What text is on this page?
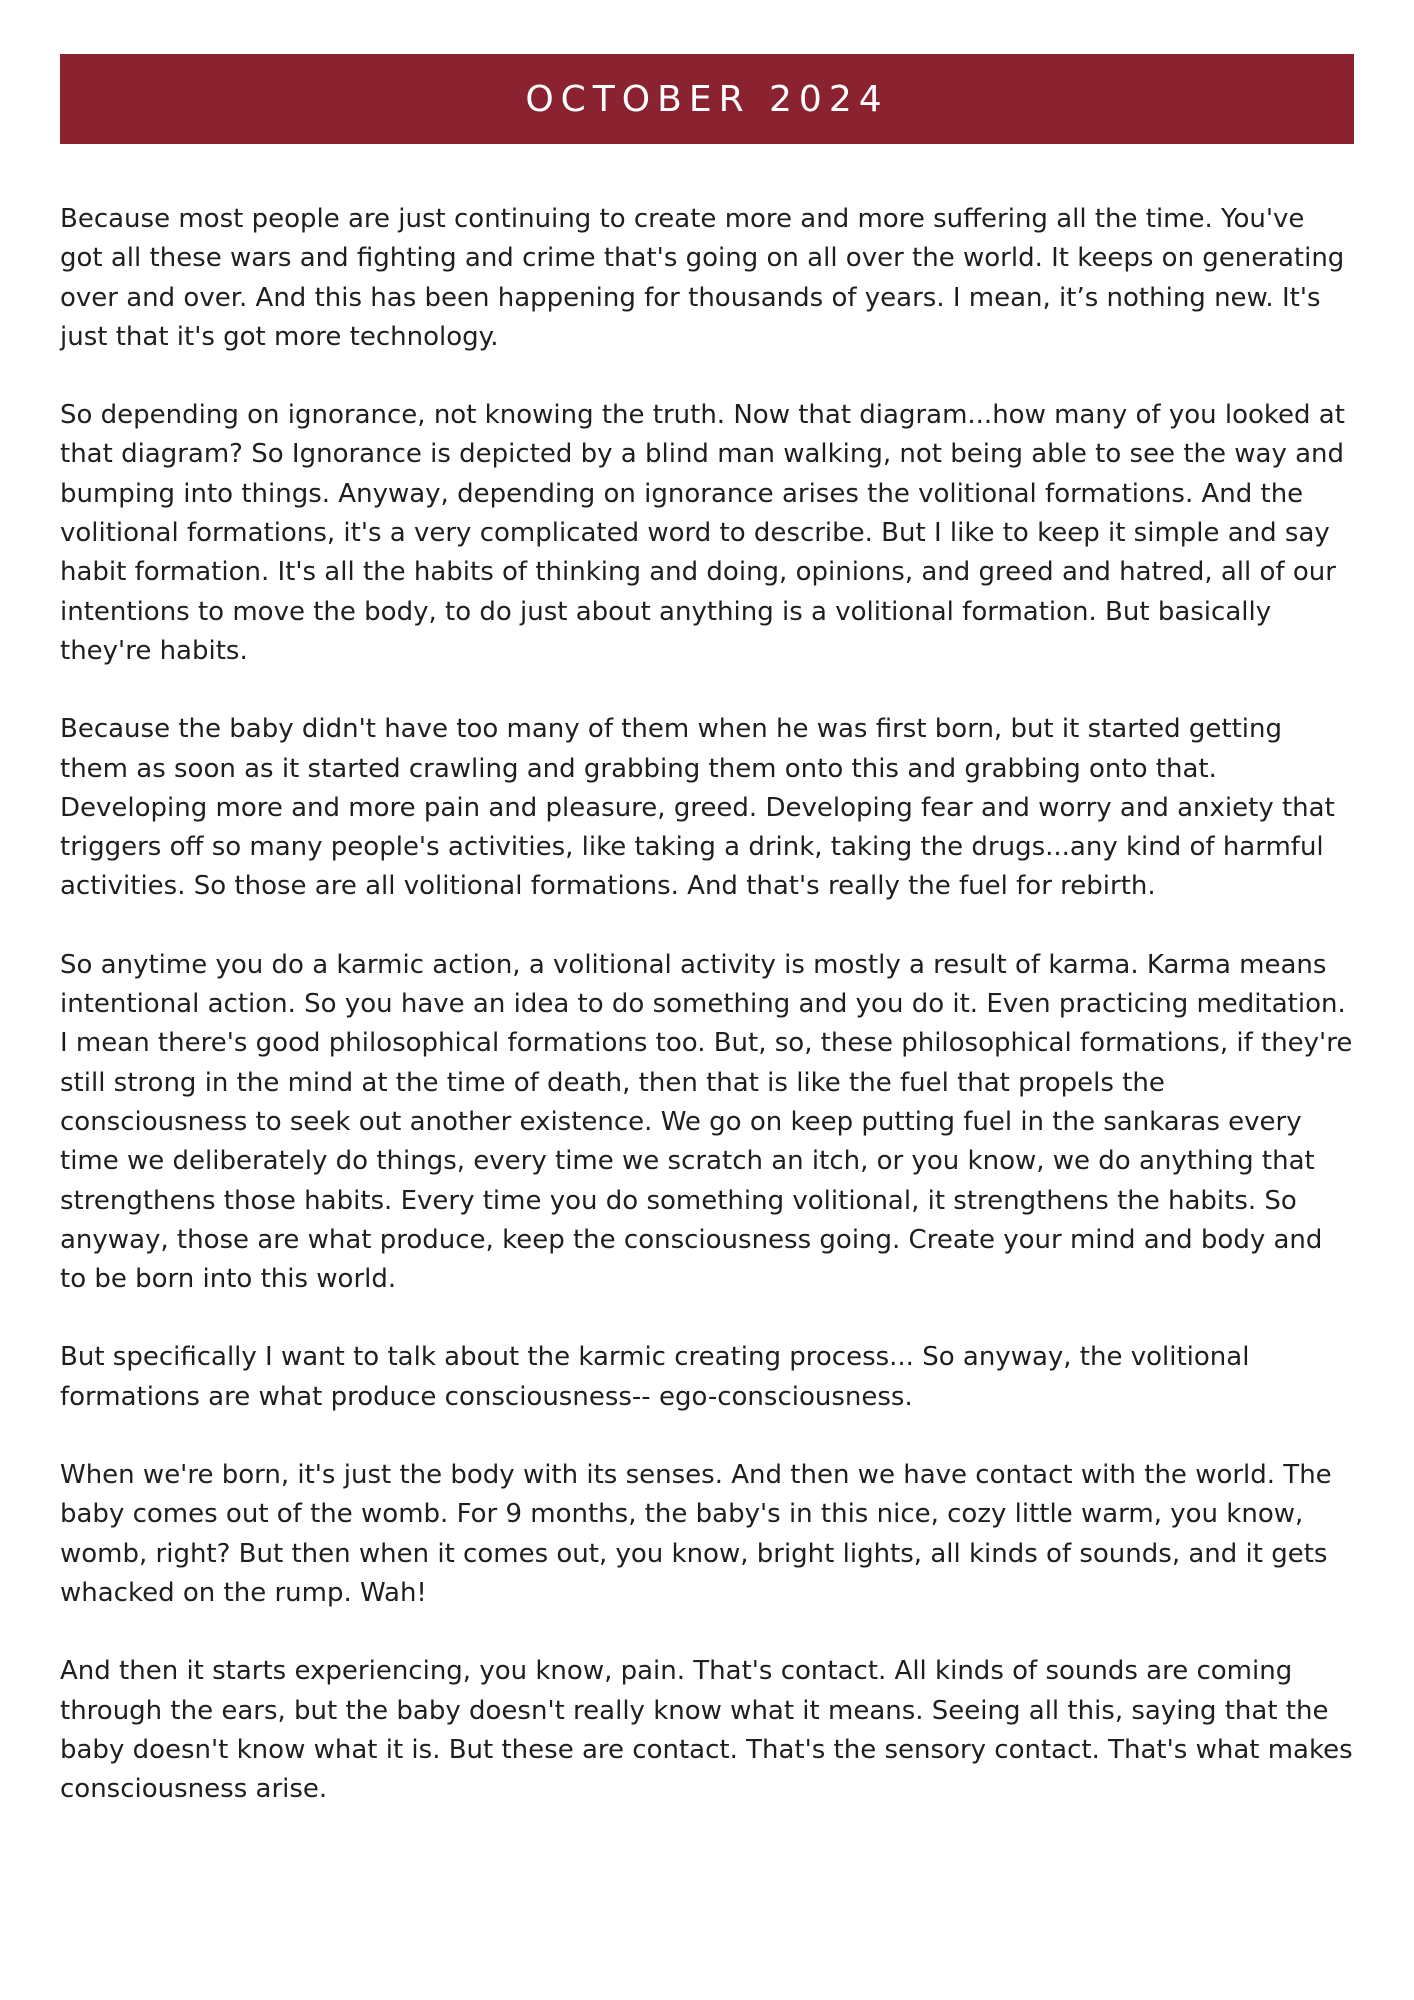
OCTOBER 2024

Because most people are just continuing to create more and more suffering all the time. You've got all these wars and fighting and crime that's going on all over the world. It keeps on generating over and over. And this has been happening for thousands of years. I mean, it’s nothing new. It's just that it's got more technology.

So depending on ignorance, not knowing the truth. Now that diagram...how many of you looked at that diagram? So Ignorance is depicted by a blind man walking, not being able to see the way and bumping into things. Anyway, depending on ignorance arises the volitional formations. And the volitional formations, it's a very complicated word to describe. But I like to keep it simple and say habit formation. It's all the habits of thinking and doing, opinions, and greed and hatred, all of our intentions to move the body, to do just about anything is a volitional formation. But basically they're habits.

Because the baby didn't have too many of them when he was first born, but it started getting them as soon as it started crawling and grabbing them onto this and grabbing onto that. Developing more and more pain and pleasure, greed. Developing fear and worry and anxiety that triggers off so many people's activities, like taking a drink, taking the drugs...any kind of harmful activities. So those are all volitional formations. And that's really the fuel for rebirth.

So anytime you do a karmic action, a volitional activity is mostly a result of karma. Karma means intentional action. So you have an idea to do something and you do it. Even practicing meditation. I mean there's good philosophical formations too. But, so, these philosophical formations, if they're still strong in the mind at the time of death, then that is like the fuel that propels the consciousness to seek out another existence. We go on keep putting fuel in the sankaras every time we deliberately do things, every time we scratch an itch, or you know, we do anything that strengthens those habits. Every time you do something volitional, it strengthens the habits. So anyway, those are what produce, keep the consciousness going. Create your mind and body and to be born into this world.

But specifically I want to talk about the karmic creating process... So anyway, the volitional formations are what produce consciousness-- ego-consciousness.

When we're born, it's just the body with its senses. And then we have contact with the world. The baby comes out of the womb. For 9 months, the baby's in this nice, cozy little warm, you know, womb, right? But then when it comes out, you know, bright lights, all kinds of sounds, and it gets whacked on the rump. Wah!

And then it starts experiencing, you know, pain. That's contact. All kinds of sounds are coming through the ears, but the baby doesn't really know what it means. Seeing all this, saying that the baby doesn't know what it is. But these are contact. That's the sensory contact. That's what makes consciousness arise.
